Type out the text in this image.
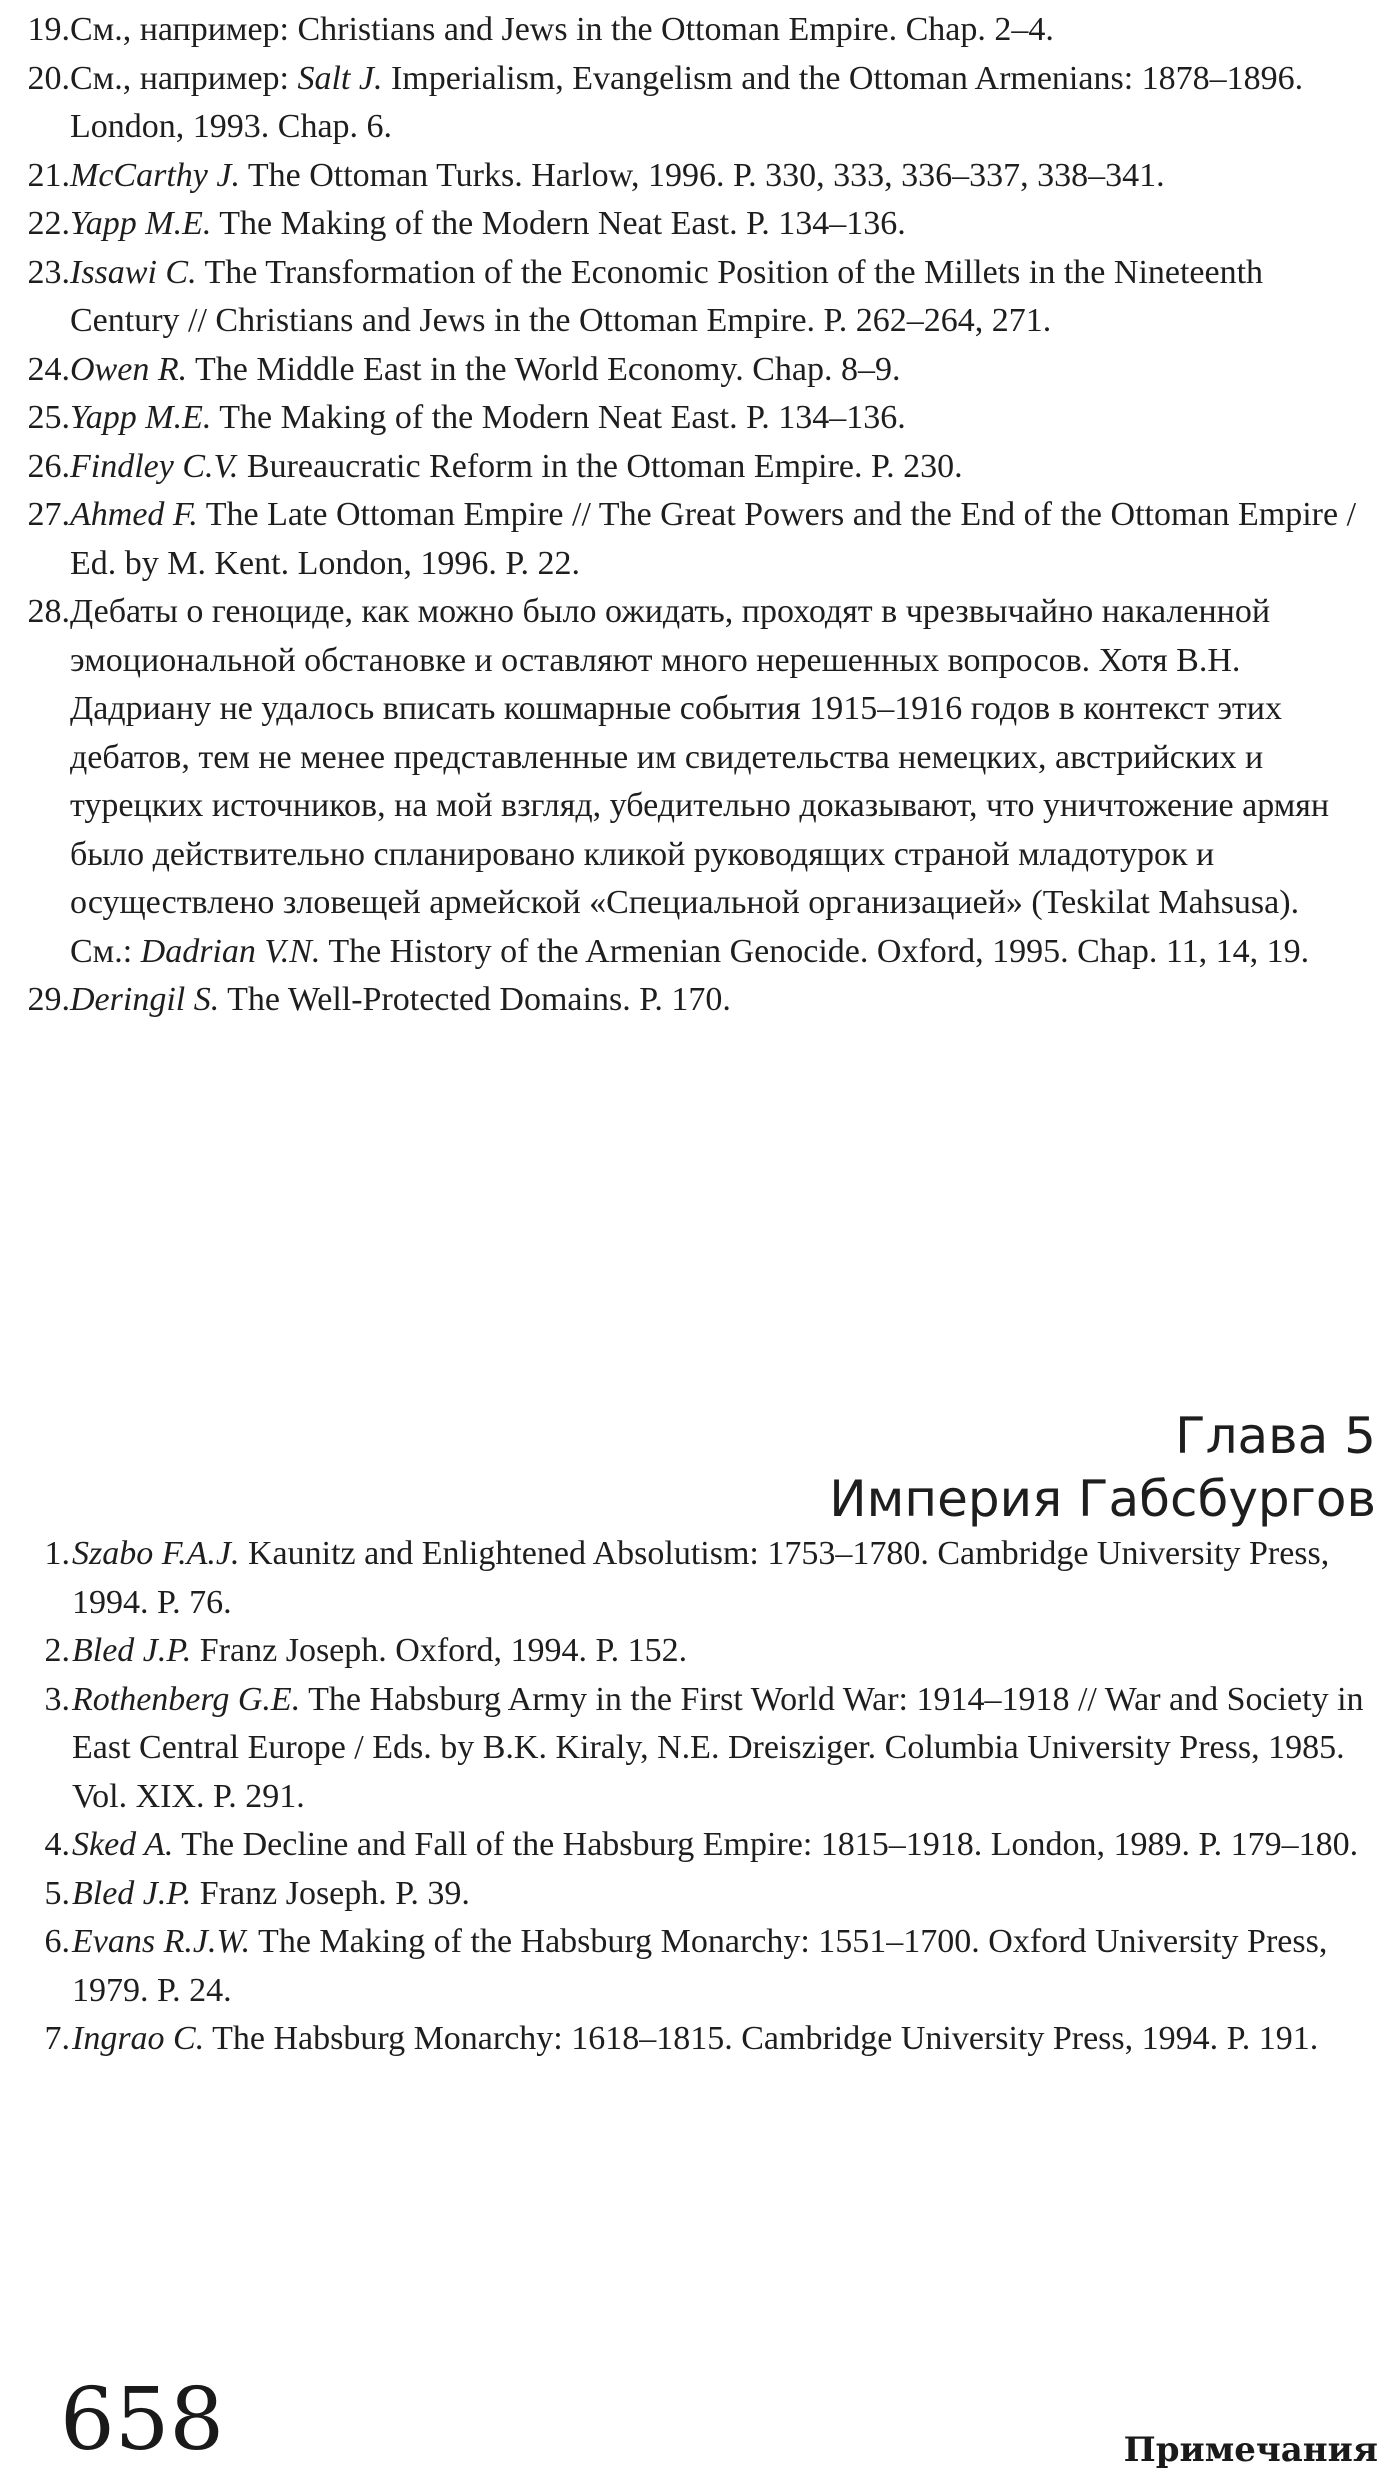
19. См., например: Christians and Jews in the Ottoman Empire. Chap. 2–4.

20. См., например: Salt J. Imperialism, Evangelism and the Ottoman Armenians: 1878–1896. London, 1993. Chap. 6.

21. McCarthy J. The Ottoman Turks. Harlow, 1996. P. 330, 333, 336–337, 338–341.

22. Yapp M.E. The Making of the Modern Neat East. P. 134–136.

23. Issawi C. The Transformation of the Economic Position of the Millets in the Nineteenth Century // Christians and Jews in the Ottoman Empire. P. 262–264, 271.

24. Owen R. The Middle East in the World Economy. Chap. 8–9.

25. Yapp M.E. The Making of the Modern Neat East. P. 134–136.

26. Findley C.V. Bureaucratic Reform in the Ottoman Empire. P. 230.

27. Ahmed F. The Late Ottoman Empire // The Great Powers and the End of the Ottoman Empire / Ed. by M. Kent. London, 1996. P. 22.

28. Дебаты о геноциде, как можно было ожидать, проходят в чрезвычайно накаленной эмоциональной обстановке и оставляют много нерешенных вопросов. Хотя В.Н. Дадриану не удалось вписать кошмарные события 1915–1916 годов в контекст этих дебатов, тем не менее представленные им свидетельства немецких, австрийских и турецких источников, на мой взгляд, убедительно доказывают, что уничтожение армян было действительно спланировано кликой руководящих страной младотурок и осуществлено зловещей армейской «Специальной организацией» (Teskilat Mahsusa). См.: Dadrian V.N. The History of the Armenian Genocide. Oxford, 1995. Chap. 11, 14, 19.

29. Deringil S. The Well-Protected Domains. P. 170.

Глава 5
Империя Габсбургов

1. Szabo F.A.J. Kaunitz and Enlightened Absolutism: 1753–1780. Cambridge University Press, 1994. P. 76.

2. Bled J.P. Franz Joseph. Oxford, 1994. P. 152.

3. Rothenberg G.E. The Habsburg Army in the First World War: 1914–1918 // War and Society in East Central Europe / Eds. by B.K. Kiraly, N.E. Dreisziger. Columbia University Press, 1985. Vol. XIX. P. 291.

4. Sked A. The Decline and Fall of the Habsburg Empire: 1815–1918. London, 1989. P. 179–180.

5. Bled J.P. Franz Joseph. P. 39.

6. Evans R.J.W. The Making of the Habsburg Monarchy: 1551–1700. Oxford University Press, 1979. P. 24.

7. Ingrao C. The Habsburg Monarchy: 1618–1815. Cambridge University Press, 1994. P. 191.

658	Примечания
